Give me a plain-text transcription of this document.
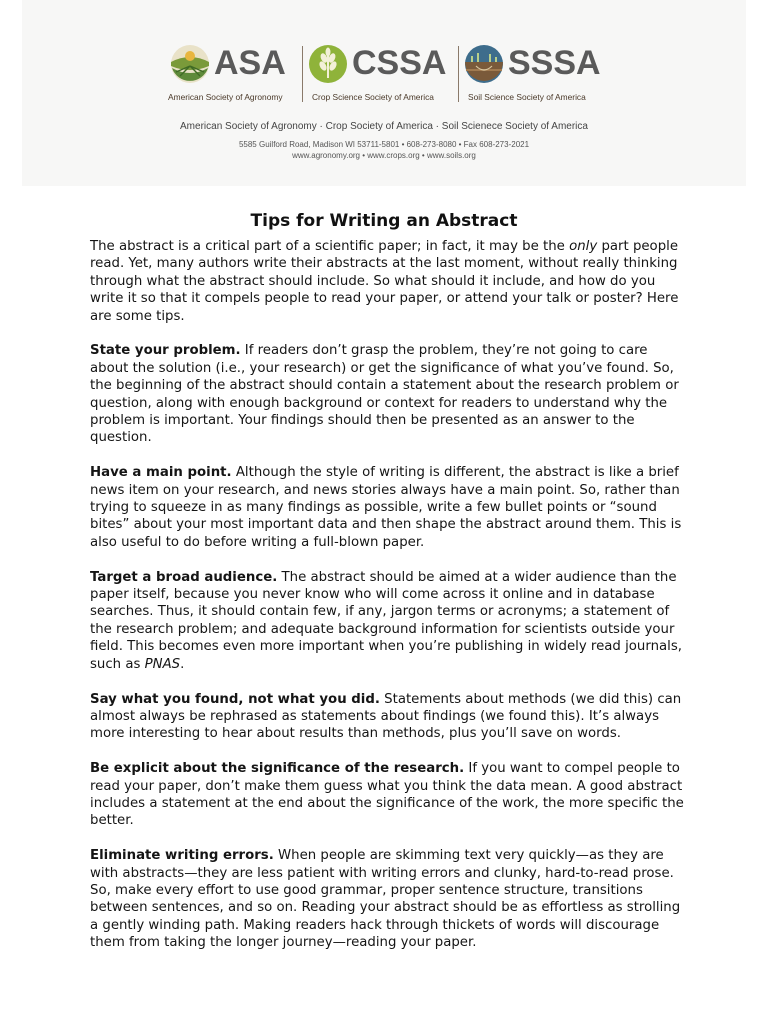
ASA
American Society of Agronomy
CSSA
Crop Science Society of America
SSSA
Soil Science Society of America
American Society of Agronomy · Crop Society of America · Soil Scienece Society of America
5585 Guilford Road, Madison WI 53711-5801 • 608-273-8080 • Fax 608-273-2021
www.agronomy.org • www.crops.org • www.soils.org
Tips for Writing an Abstract

The abstract is a critical part of a scientific paper; in fact, it may be the only part people read. Yet, many authors write their abstracts at the last moment, without really thinking through what the abstract should include. So what should it include, and how do you write it so that it compels people to read your paper, or attend your talk or poster? Here are some tips.

State your problem. If readers don’t grasp the problem, they’re not going to care about the solution (i.e., your research) or get the significance of what you’ve found. So, the beginning of the abstract should contain a statement about the research problem or question, along with enough background or context for readers to understand why the problem is important. Your findings should then be presented as an answer to the question.

Have a main point. Although the style of writing is different, the abstract is like a brief news item on your research, and news stories always have a main point. So, rather than trying to squeeze in as many findings as possible, write a few bullet points or “sound bites” about your most important data and then shape the abstract around them. This is also useful to do before writing a full-blown paper.

Target a broad audience. The abstract should be aimed at a wider audience than the paper itself, because you never know who will come across it online and in database searches. Thus, it should contain few, if any, jargon terms or acronyms; a statement of the research problem; and adequate background information for scientists outside your field. This becomes even more important when you’re publishing in widely read journals, such as PNAS.

Say what you found, not what you did. Statements about methods (we did this) can almost always be rephrased as statements about findings (we found this). It’s always more interesting to hear about results than methods, plus you’ll save on words.

Be explicit about the significance of the research. If you want to compel people to read your paper, don’t make them guess what you think the data mean. A good abstract includes a statement at the end about the significance of the work, the more specific the better.

Eliminate writing errors. When people are skimming text very quickly—as they are with abstracts—they are less patient with writing errors and clunky, hard-to-read prose. So, make every effort to use good grammar, proper sentence structure, transitions between sentences, and so on. Reading your abstract should be as effortless as strolling a gently winding path. Making readers hack through thickets of words will discourage them from taking the longer journey—reading your paper.
